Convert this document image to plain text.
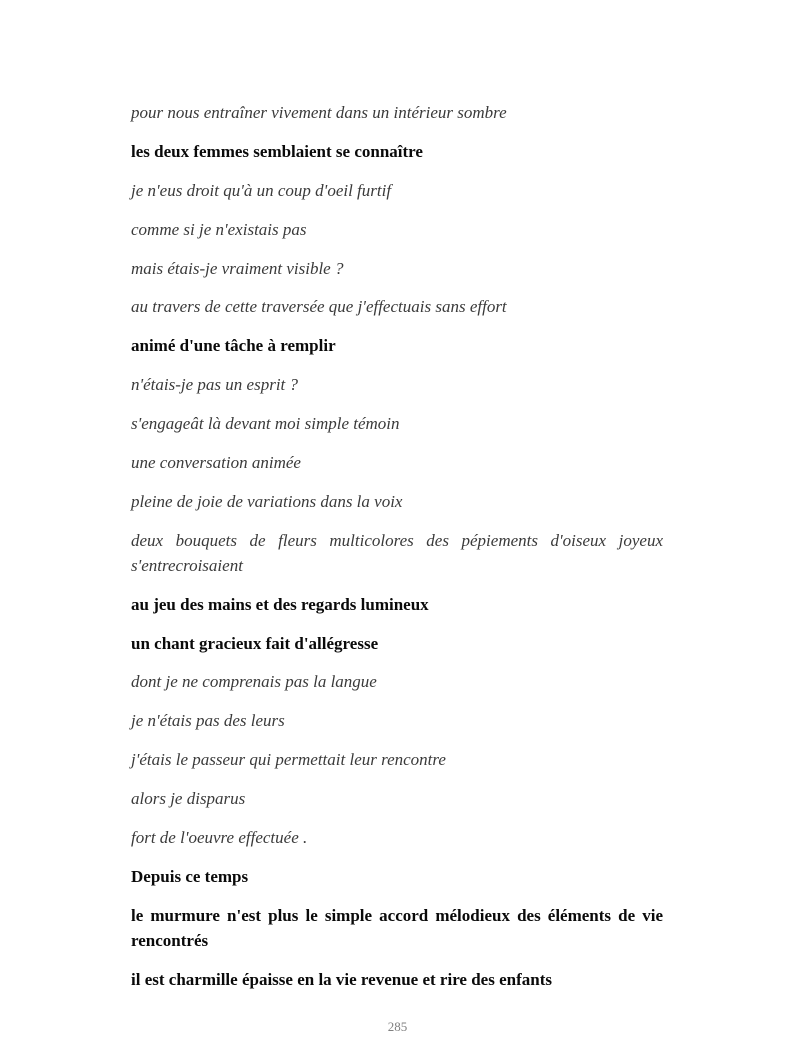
pour nous entraîner vivement dans un intérieur sombre

les deux femmes semblaient se connaître

je n'eus droit qu'à un coup d'oeil furtif

comme si je n'existais pas

mais étais-je vraiment visible ?

au travers de cette traversée que j'effectuais sans effort

animé d'une tâche à remplir

n'étais-je pas un esprit ?

s'engageât là devant moi simple témoin

une conversation animée

pleine de joie de variations dans la voix

deux bouquets de fleurs multicolores des pépiements d'oiseux joyeux s'entrecroisaient

au jeu des mains et des regards lumineux

un chant gracieux fait d'allégresse

dont je ne comprenais pas la langue

je n'étais pas des leurs

j'étais le passeur qui permettait leur rencontre

alors je disparus

fort de l'oeuvre effectuée .

Depuis ce temps

le murmure n'est plus le simple accord mélodieux des éléments de vie rencontrés

il est charmille épaisse en la vie revenue et rire des enfants

285
